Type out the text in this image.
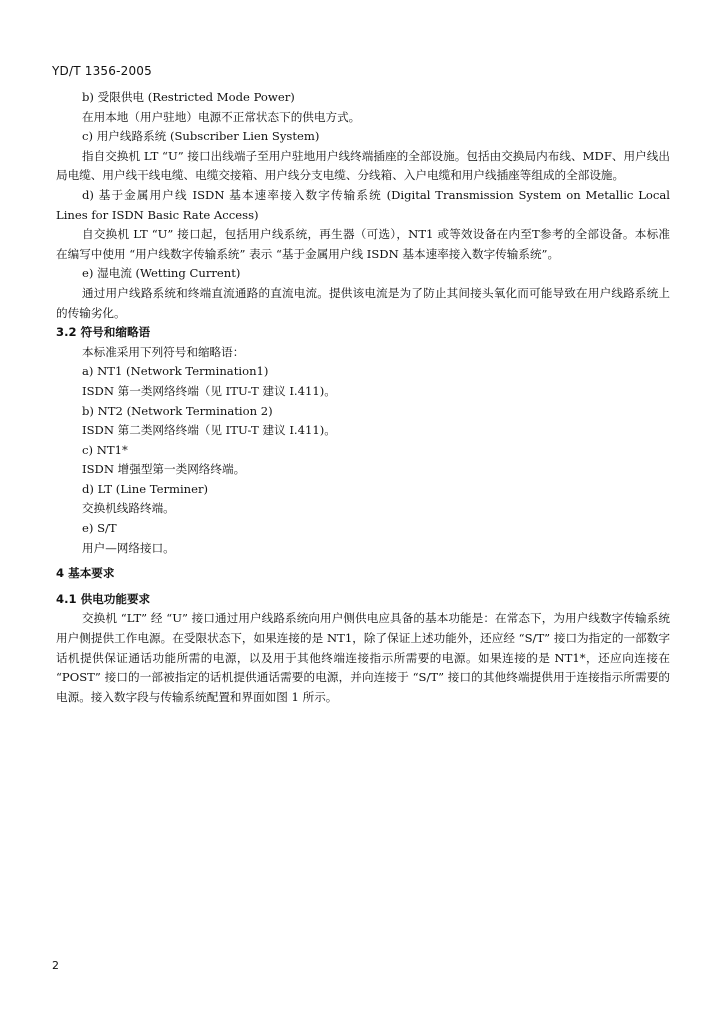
YD/T 1356-2005

b) 受限供电 (Restricted Mode Power)

在用本地（用户驻地）电源不正常状态下的供电方式。

c) 用户线路系统 (Subscriber Lien System)

指自交换机 LT “U” 接口出线端子至用户驻地用户线终端插座的全部设施。包括由交换局内布线、MDF、用户线出局电缆、用户线干线电缆、电缆交接箱、用户线分支电缆、分线箱、入户电缆和用户线插座等组成的全部设施。

d) 基于金属用户线 ISDN 基本速率接入数字传输系统 (Digital Transmission System on Metallic Local Lines for ISDN Basic Rate Access)

自交换机 LT “U” 接口起，包括用户线系统，再生器（可选），NT1 或等效设备在内至T参考的全部设备。本标准在编写中使用 “用户线数字传输系统” 表示 “基于金属用户线 ISDN 基本速率接入数字传输系统”。

e) 湿电流 (Wetting Current)

通过用户线路系统和终端直流通路的直流电流。提供该电流是为了防止其间接头氧化而可能导致在用户线路系统上的传输劣化。

3.2 符号和缩略语

本标准采用下列符号和缩略语：

a) NT1 (Network Termination1)

ISDN 第一类网络终端（见 ITU-T 建议 I.411)。

b) NT2 (Network Termination 2)

ISDN 第二类网络终端（见 ITU-T 建议 I.411)。

c) NT1*

ISDN 增强型第一类网络终端。

d) LT (Line Terminer)

交换机线路终端。

e) S/T

用户—网络接口。

4 基本要求

4.1 供电功能要求

交换机 “LT” 经 “U” 接口通过用户线路系统向用户侧供电应具备的基本功能是：在常态下，为用户线数字传输系统用户侧提供工作电源。在受限状态下，如果连接的是 NT1，除了保证上述功能外，还应经 “S/T” 接口为指定的一部数字话机提供保证通话功能所需的电源，以及用于其他终端连接指示所需要的电源。如果连接的是 NT1*，还应向连接在 “POST” 接口的一部被指定的话机提供通话需要的电源，并向连接于 “S/T” 接口的其他终端提供用于连接指示所需要的电源。接入数字段与传输系统配置和界面如图 1 所示。

2
